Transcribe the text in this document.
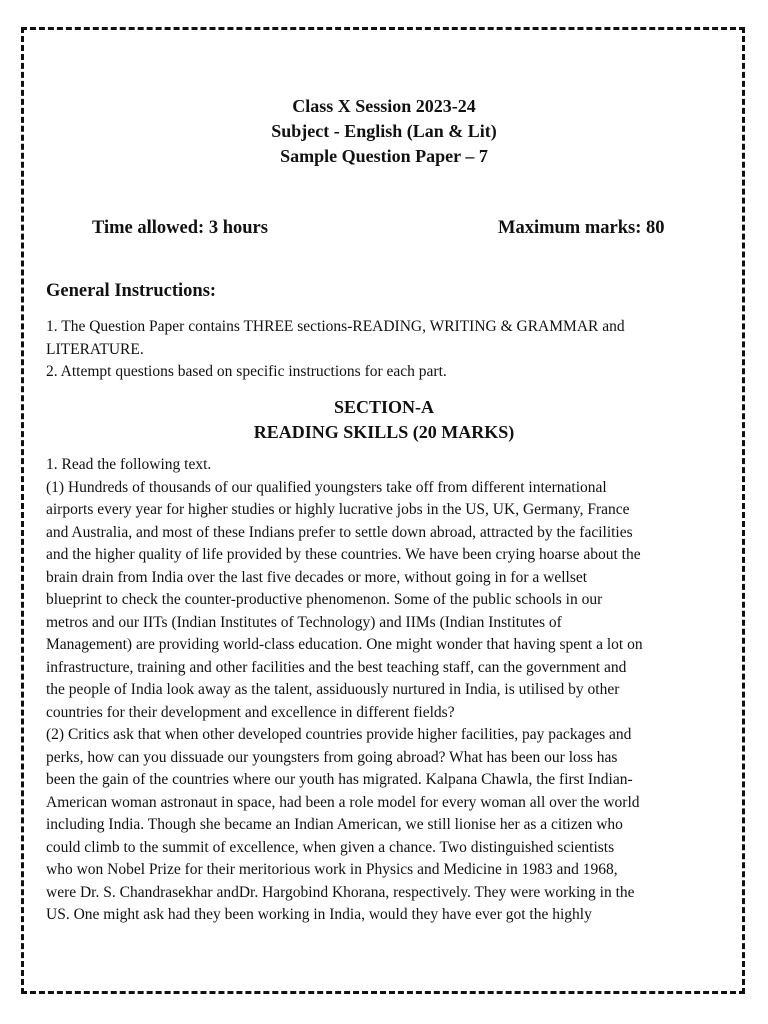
Class X Session 2023-24
Subject - English (Lan & Lit)
Sample Question Paper – 7
Time allowed: 3 hours	Maximum marks: 80
General Instructions:
1. The Question Paper contains THREE sections-READING, WRITING & GRAMMAR and
LITERATURE.
2. Attempt questions based on specific instructions for each part.
SECTION-A
READING SKILLS (20 MARKS)
1. Read the following text.
(1) Hundreds of thousands of our qualified youngsters take off from different international
airports every year for higher studies or highly lucrative jobs in the US, UK, Germany, France
and Australia, and most of these Indians prefer to settle down abroad, attracted by the facilities
and the higher quality of life provided by these countries. We have been crying hoarse about the
brain drain from India over the last five decades or more, without going in for a wellset
blueprint to check the counter-productive phenomenon. Some of the public schools in our
metros and our IITs (Indian Institutes of Technology) and IIMs (Indian Institutes of
Management) are providing world-class education. One might wonder that having spent a lot on
infrastructure, training and other facilities and the best teaching staff, can the government and
the people of India look away as the talent, assiduously nurtured in India, is utilised by other
countries for their development and excellence in different fields?
(2) Critics ask that when other developed countries provide higher facilities, pay packages and
perks, how can you dissuade our youngsters from going abroad? What has been our loss has
been the gain of the countries where our youth has migrated. Kalpana Chawla, the first Indian-
American woman astronaut in space, had been a role model for every woman all over the world
including India. Though she became an Indian American, we still lionise her as a citizen who
could climb to the summit of excellence, when given a chance. Two distinguished scientists
who won Nobel Prize for their meritorious work in Physics and Medicine in 1983 and 1968,
were Dr. S. Chandrasekhar andDr. Hargobind Khorana, respectively. They were working in the
US. One might ask had they been working in India, would they have ever got the highly
